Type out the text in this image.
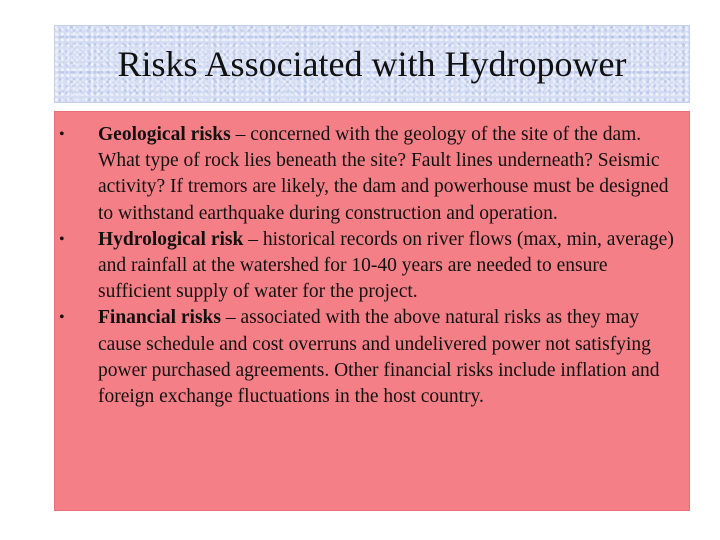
Risks Associated with Hydropower
•	Geological risks – concerned with the geology of the site of the dam. What type of rock lies beneath the site? Fault lines underneath? Seismic activity? If tremors are likely, the dam and powerhouse must be designed to withstand earthquake during construction and operation.
•	Hydrological risk – historical records on river flows (max, min, average) and rainfall at the watershed for 10-40 years are needed to ensure sufficient supply of water for the project.
•	Financial risks – associated with the above natural risks as they may cause schedule and cost overruns and undelivered power not satisfying power purchased agreements. Other financial risks include inflation and foreign exchange fluctuations in the host country.
